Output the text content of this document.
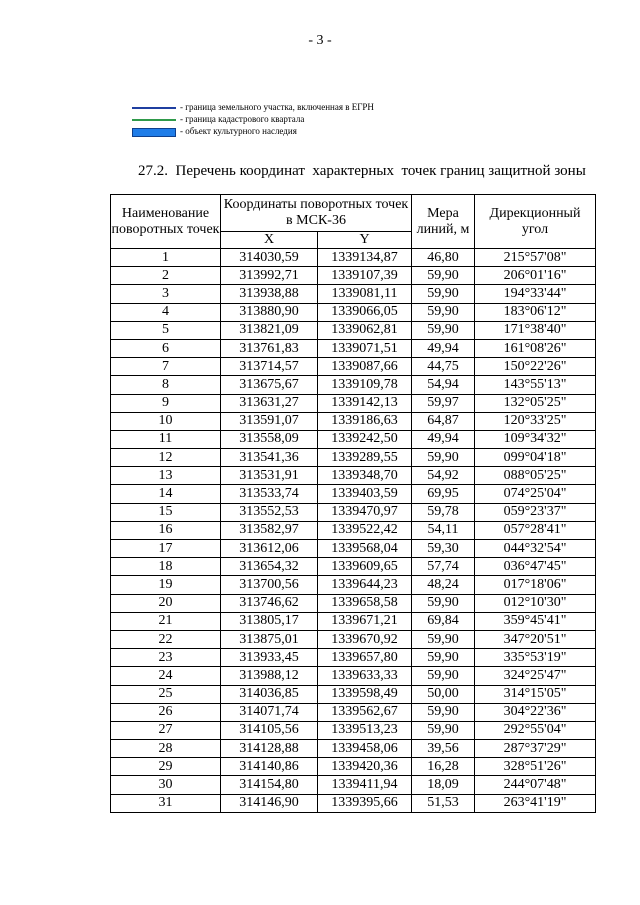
- 3 -
- граница земельного участка, включенная в ЕГРН
- граница кадастрового квартала
- объект культурного наследия
27.2.  Перечень координат  характерных  точек границ защитной зоны
Наименование поворотных точек	Координаты поворотных точек в МСК-36		Мера линий, м	Дирекционный угол
	X	Y		
1	314030,59	1339134,87	46,80	215°57'08"
2	313992,71	1339107,39	59,90	206°01'16"
3	313938,88	1339081,11	59,90	194°33'44"
4	313880,90	1339066,05	59,90	183°06'12"
5	313821,09	1339062,81	59,90	171°38'40"
6	313761,83	1339071,51	49,94	161°08'26"
7	313714,57	1339087,66	44,75	150°22'26"
8	313675,67	1339109,78	54,94	143°55'13"
9	313631,27	1339142,13	59,97	132°05'25"
10	313591,07	1339186,63	64,87	120°33'25"
11	313558,09	1339242,50	49,94	109°34'32"
12	313541,36	1339289,55	59,90	099°04'18"
13	313531,91	1339348,70	54,92	088°05'25"
14	313533,74	1339403,59	69,95	074°25'04"
15	313552,53	1339470,97	59,78	059°23'37"
16	313582,97	1339522,42	54,11	057°28'41"
17	313612,06	1339568,04	59,30	044°32'54"
18	313654,32	1339609,65	57,74	036°47'45"
19	313700,56	1339644,23	48,24	017°18'06"
20	313746,62	1339658,58	59,90	012°10'30"
21	313805,17	1339671,21	69,84	359°45'41"
22	313875,01	1339670,92	59,90	347°20'51"
23	313933,45	1339657,80	59,90	335°53'19"
24	313988,12	1339633,33	59,90	324°25'47"
25	314036,85	1339598,49	50,00	314°15'05"
26	314071,74	1339562,67	59,90	304°22'36"
27	314105,56	1339513,23	59,90	292°55'04"
28	314128,88	1339458,06	39,56	287°37'29"
29	314140,86	1339420,36	16,28	328°51'26"
30	314154,80	1339411,94	18,09	244°07'48"
31	314146,90	1339395,66	51,53	263°41'19"
